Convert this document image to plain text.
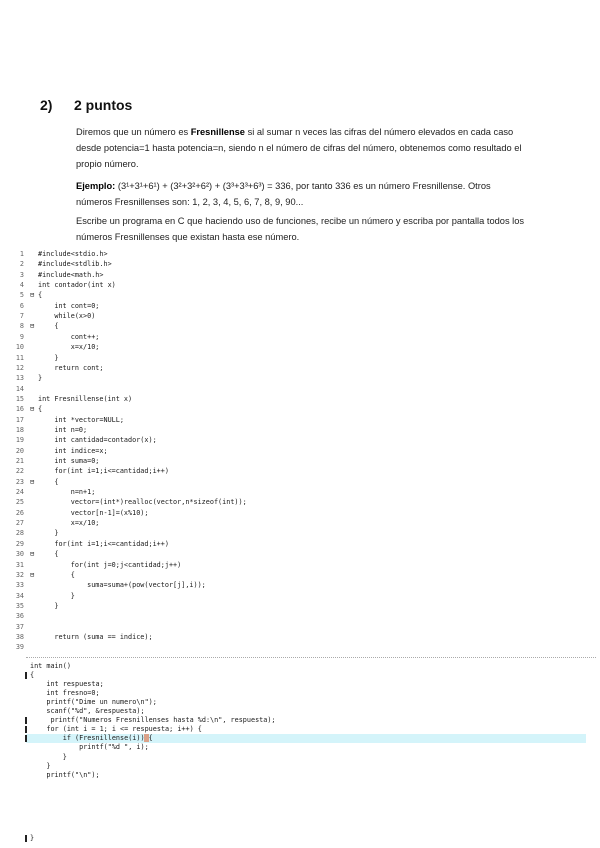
2) 2 puntos
Diremos que un número es Fresnillense si al sumar n veces las cifras del número elevados en cada caso desde potencia=1 hasta potencia=n, siendo n el número de cifras del número, obtenemos como resultado el propio número.
Ejemplo: (3¹+3¹+6¹) + (3²+3²+6²) + (3³+3³+6³) = 336, por tanto 336 es un número Fresnillense. Otros números Fresnillenses son: 1, 2, 3, 4, 5, 6, 7, 8, 9, 90...
Escribe un programa en C que haciendo uso de funciones, recibe un número y escriba por pantalla todos los números Fresnillenses que existan hasta ese número.
1 #include<stdio.h>
2 #include<stdlib.h>
3 #include<math.h>
4 int contador(int x)
5 ⊟ {
6 int cont=0;
7 while(x>0)
8 ⊟ {
9 cont++;
10 x=x/10;
11 }
12 return cont;
13 }
14
15 int Fresnillense(int x)
16 ⊟ {
17 int *vector=NULL;
18 int n=0;
19 int cantidad=contador(x);
20 int indice=x;
21 int suma=0;
22 for(int i=1;i<=cantidad;i++)
23 ⊟ {
24 n=n+1;
25 vector=(int*)realloc(vector,n*sizeof(int));
26 vector[n-1]=(x%10);
27 x=x/10;
28 }
29 for(int i=1;i<=cantidad;i++)
30 ⊟ {
31 for(int j=0;j<cantidad;j++)
32 ⊟ {
33 suma=suma+(pow(vector[j],i));
34 }
35 }
36
37
38 return (suma == indice);
39
int main()
{
int respuesta;
int fresno=0;
printf("Dime un numero\n");
scanf("%d", &respuesta);
printf("Numeros Fresnillenses hasta %d:\n", respuesta);
for (int i = 1; i <= respuesta; i++) {
if (Fresnillense(i)) {
printf("%d ", i);
}
}
printf("\n");
}
